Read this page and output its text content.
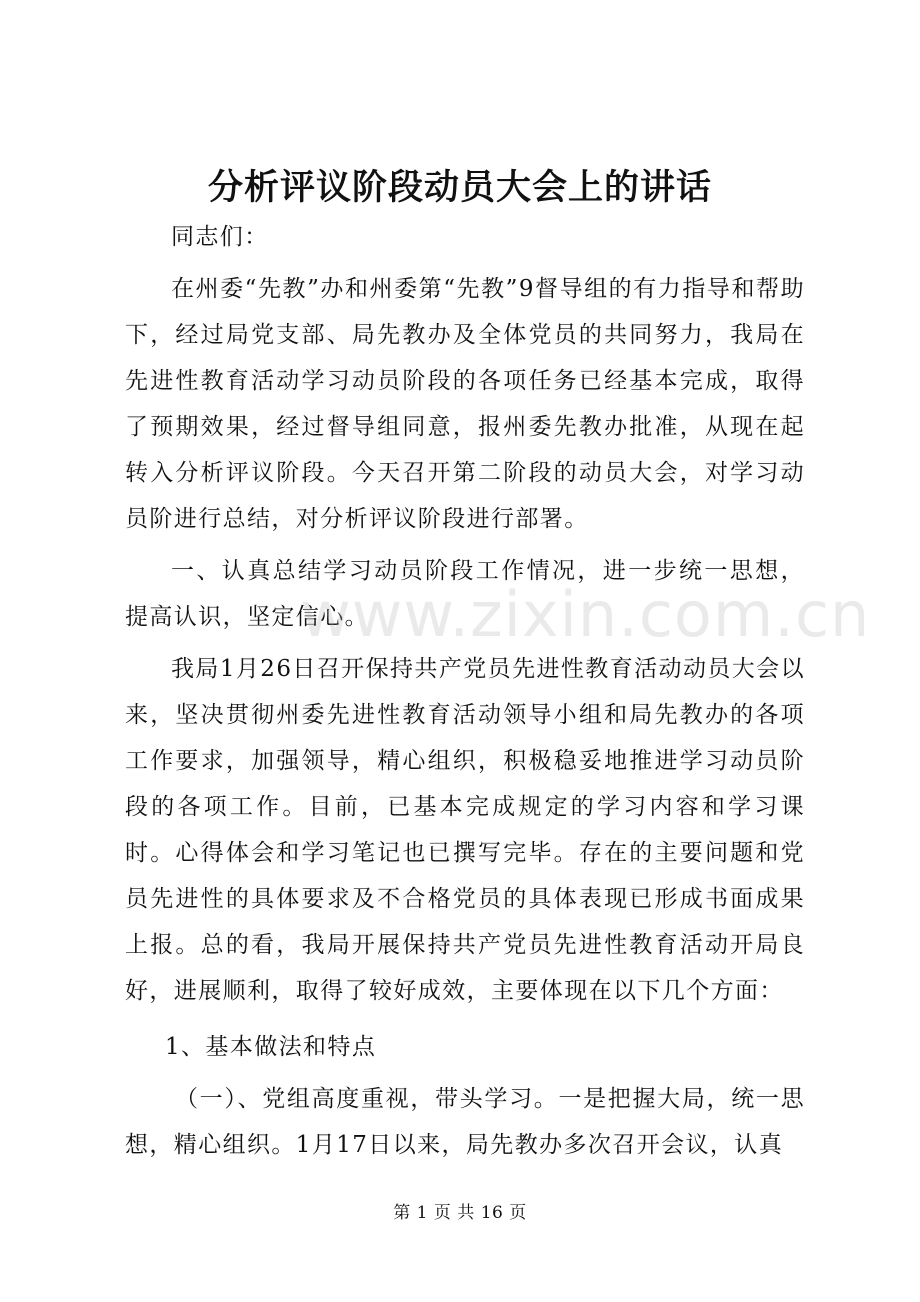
分析评议阶段动员大会上的讲话

同志们：

在州委“先教”办和州委第“先教”9督导组的有力指导和帮助下，经过局党支部、局先教办及全体党员的共同努力，我局在先进性教育活动学习动员阶段的各项任务已经基本完成，取得了预期效果，经过督导组同意，报州委先教办批准，从现在起转入分析评议阶段。今天召开第二阶段的动员大会，对学习动员阶进行总结，对分析评议阶段进行部署。

一、认真总结学习动员阶段工作情况，进一步统一思想，提高认识，坚定信心。

我局1月26日召开保持共产党员先进性教育活动动员大会以来，坚决贯彻州委先进性教育活动领导小组和局先教办的各项工作要求，加强领导，精心组织，积极稳妥地推进学习动员阶段的各项工作。目前，已基本完成规定的学习内容和学习课时。心得体会和学习笔记也已撰写完毕。存在的主要问题和党员先进性的具体要求及不合格党员的具体表现已形成书面成果上报。总的看，我局开展保持共产党员先进性教育活动开局良好，进展顺利，取得了较好成效，主要体现在以下几个方面：

1、基本做法和特点

（一）、党组高度重视，带头学习。一是把握大局，统一思想，精心组织。1月17日以来，局先教办多次召开会议，认真

www.zixin.com.cn
第 1 页 共 16 页
